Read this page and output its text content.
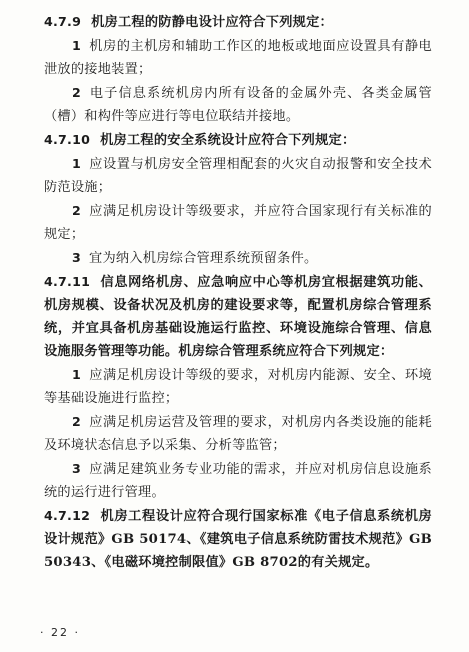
4.7.9 机房工程的防静电设计应符合下列规定：

1 机房的主机房和辅助工作区的地板或地面应设置具有静电泄放的接地装置；

2 电子信息系统机房内所有设备的金属外壳、各类金属管（槽）和构件等应进行等电位联结并接地。

4.7.10 机房工程的安全系统设计应符合下列规定：

1 应设置与机房安全管理相配套的火灾自动报警和安全技术防范设施；

2 应满足机房设计等级要求，并应符合国家现行有关标准的规定；

3 宜为纳入机房综合管理系统预留条件。

4.7.11 信息网络机房、应急响应中心等机房宜根据建筑功能、机房规模、设备状况及机房的建设要求等，配置机房综合管理系统，并宜具备机房基础设施运行监控、环境设施综合管理、信息设施服务管理等功能。机房综合管理系统应符合下列规定：

1 应满足机房设计等级的要求，对机房内能源、安全、环境等基础设施进行监控；

2 应满足机房运营及管理的要求，对机房内各类设施的能耗及环境状态信息予以采集、分析等监管；

3 应满足建筑业务专业功能的需求，并应对机房信息设施系统的运行进行管理。

4.7.12 机房工程设计应符合现行国家标准《电子信息系统机房设计规范》GB 50174、《建筑电子信息系统防雷技术规范》GB 50343、《电磁环境控制限值》GB 8702的有关规定。

· 22 ·
